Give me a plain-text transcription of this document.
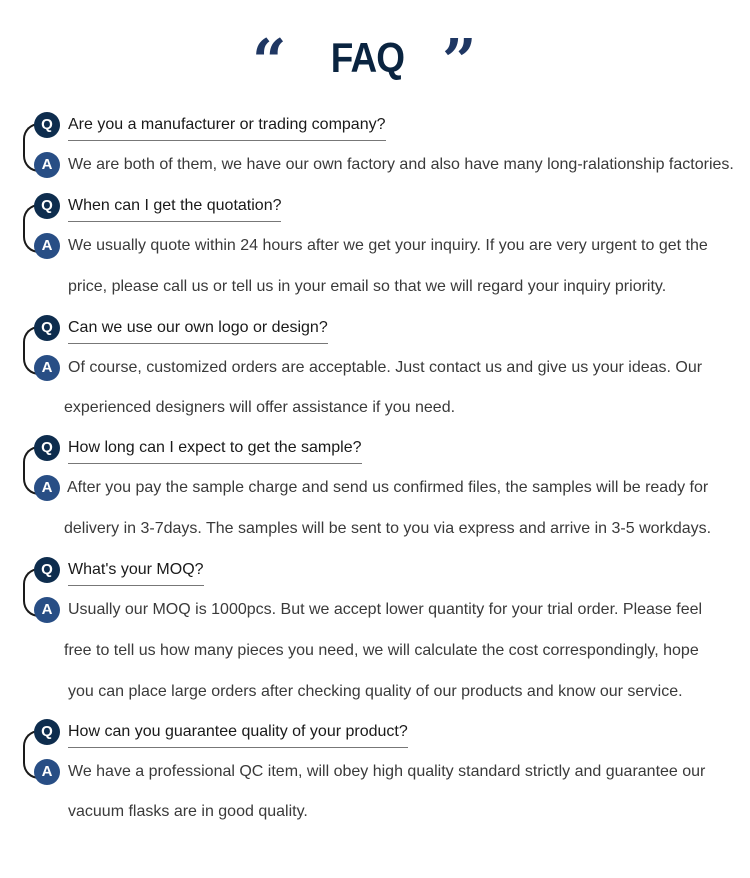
“ FAQ ”
Q Are you a manufacturer or trading company?
A We are both of them, we have our own factory and also have many long-ralationship factories.
Q When can I get the quotation?
A We usually quote within 24 hours after we get your inquiry. If you are very urgent to get the
price, please call us or tell us in your email so that we will regard your inquiry priority.
Q Can we use our own logo or design?
A Of course, customized orders are acceptable. Just contact us and give us your ideas. Our
experienced designers will offer assistance if you need.
Q How long can I expect to get the sample?
A After you pay the sample charge and send us confirmed files, the samples will be ready for
delivery in 3-7days. The samples will be sent to you via express and arrive in 3-5 workdays.
Q What's your MOQ?
A Usually our MOQ is 1000pcs. But we accept lower quantity for your trial order. Please feel
free to tell us how many pieces you need, we will calculate the cost correspondingly, hope
you can place large orders after checking quality of our products and know our service.
Q How can you guarantee quality of your product?
A We have a professional QC item, will obey high quality standard strictly and guarantee our
vacuum flasks are in good quality.
